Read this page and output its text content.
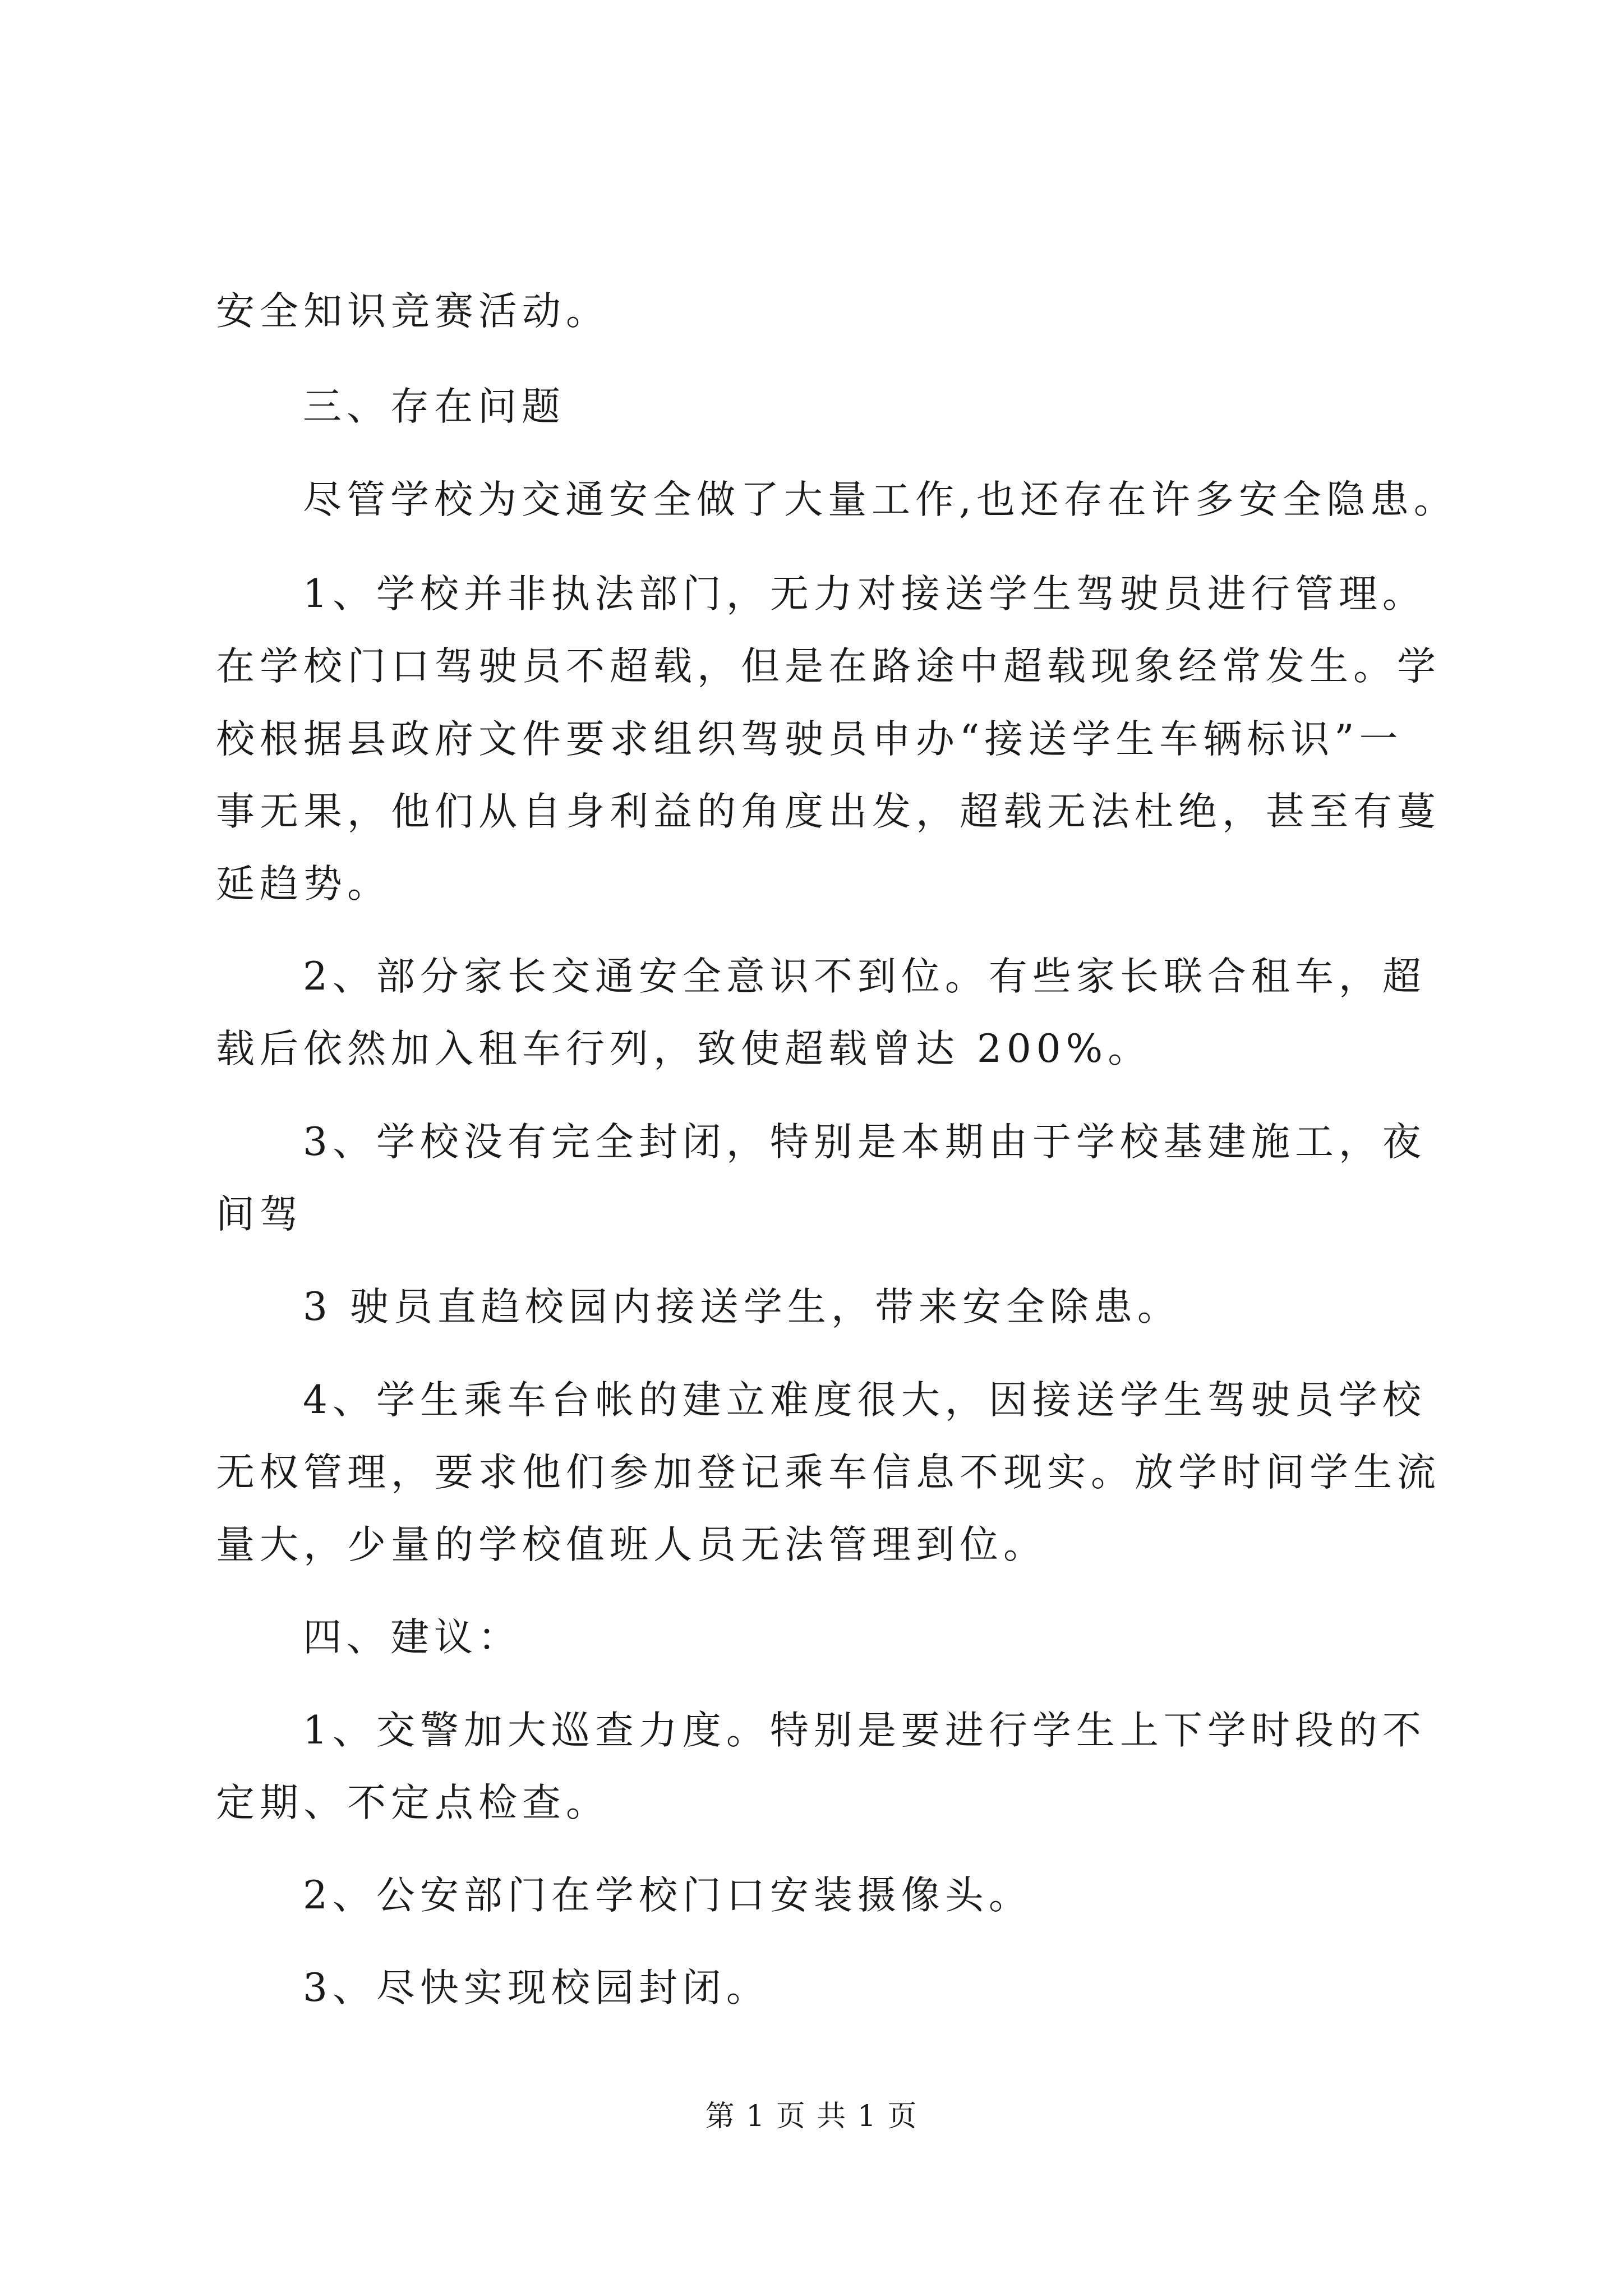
安全知识竞赛活动。
三、存在问题
尽管学校为交通安全做了大量工作,也还存在许多安全隐患。
1、学校并非执法部门，无力对接送学生驾驶员进行管理。
在学校门口驾驶员不超载，但是在路途中超载现象经常发生。学
校根据县政府文件要求组织驾驶员申办“接送学生车辆标识”一
事无果，他们从自身利益的角度出发，超载无法杜绝，甚至有蔓
延趋势。
2、部分家长交通安全意识不到位。有些家长联合租车，超
载后依然加入租车行列，致使超载曾达 200%。
3、学校没有完全封闭，特别是本期由于学校基建施工，夜
间驾
3 驶员直趋校园内接送学生，带来安全除患。
4、学生乘车台帐的建立难度很大，因接送学生驾驶员学校
无权管理，要求他们参加登记乘车信息不现实。放学时间学生流
量大，少量的学校值班人员无法管理到位。
四、建议：
1、交警加大巡查力度。特别是要进行学生上下学时段的不
定期、不定点检查。
2、公安部门在学校门口安装摄像头。
3、尽快实现校园封闭。
第 1 页 共 1 页
